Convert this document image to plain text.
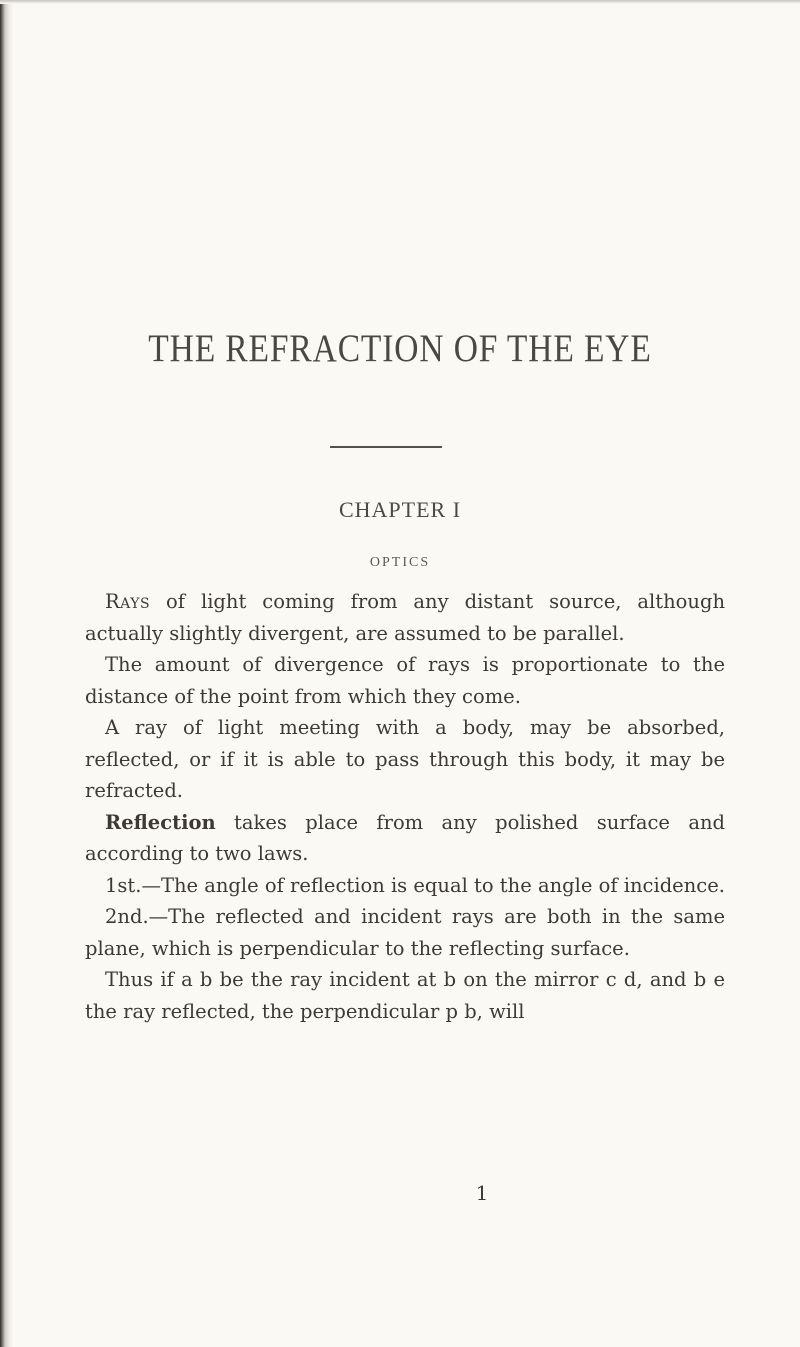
THE REFRACTION OF THE EYE
CHAPTER I
OPTICS

Rays of light coming from any distant source, although actually slightly divergent, are assumed to be parallel.

The amount of divergence of rays is proportionate to the distance of the point from which they come.

A ray of light meeting with a body, may be absorbed, reflected, or if it is able to pass through this body, it may be refracted.

Reflection takes place from any polished surface and according to two laws.

1st.—The angle of reflection is equal to the angle of incidence.

2nd.—The reflected and incident rays are both in the same plane, which is perpendicular to the reflecting surface.

Thus if a b be the ray incident at b on the mirror c d, and b e the ray reflected, the perpendicular p b, will

1
